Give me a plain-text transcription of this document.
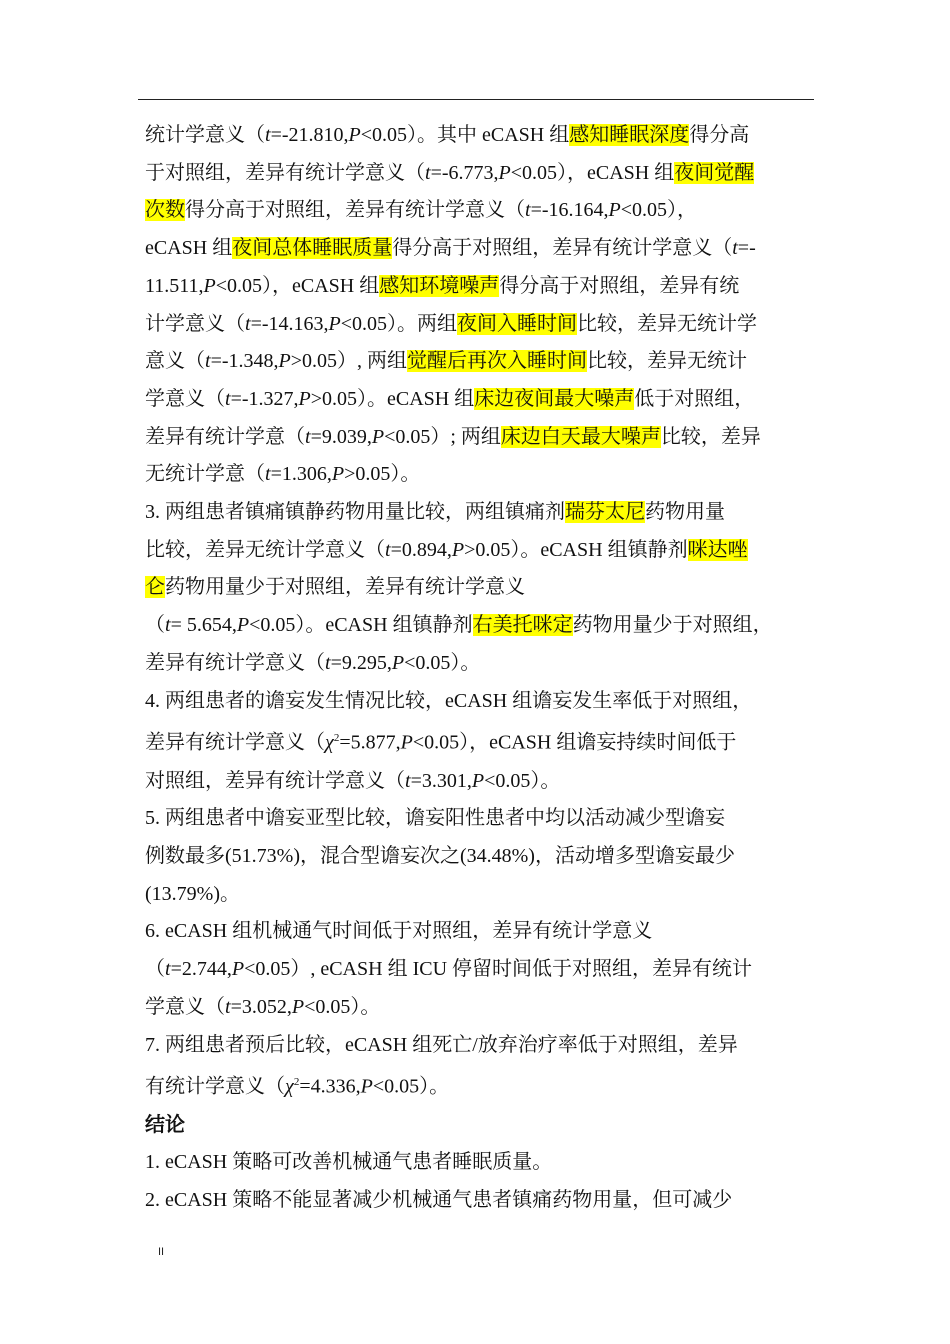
统计学意义（t=-21.810,P<0.05）。其中 eCASH 组感知睡眠深度得分高
于对照组，差异有统计学意义（t=-6.773,P<0.05），eCASH 组夜间觉醒
次数得分高于对照组，差异有统计学意义（t=-16.164,P<0.05），
eCASH 组夜间总体睡眠质量得分高于对照组，差异有统计学意义（t=-
11.511,P<0.05），eCASH 组感知环境噪声得分高于对照组，差异有统
计学意义（t=-14.163,P<0.05）。两组夜间入睡时间比较，差异无统计学
意义（t=-1.348,P>0.05）, 两组觉醒后再次入睡时间比较，差异无统计
学意义（t=-1.327,P>0.05）。eCASH 组床边夜间最大噪声低于对照组，
差异有统计学意（t=9.039,P<0.05）; 两组床边白天最大噪声比较，差异
无统计学意（t=1.306,P>0.05）。
3. 两组患者镇痛镇静药物用量比较，两组镇痛剂瑞芬太尼药物用量
比较，差异无统计学意义（t=0.894,P>0.05）。eCASH 组镇静剂咪达唑
仑药物用量少于对照组，差异有统计学意义
（t= 5.654,P<0.05）。eCASH 组镇静剂右美托咪定药物用量少于对照组，
差异有统计学意义（t=9.295,P<0.05）。
4. 两组患者的谵妄发生情况比较，eCASH 组谵妄发生率低于对照组，
差异有统计学意义$(\chi^2=5.877,P<0.05)$，eCASH 组谵妄持续时间低于
对照组，差异有统计学意义（t=3.301,P<0.05）。
5. 两组患者中谵妄亚型比较，谵妄阳性患者中均以活动减少型谵妄
例数最多(51.73%)，混合型谵妄次之(34.48%)，活动增多型谵妄最少
(13.79%)。
6. eCASH 组机械通气时间低于对照组，差异有统计学意义
（t=2.744,P<0.05）, eCASH 组 ICU 停留时间低于对照组，差异有统计
学意义（t=3.052,P<0.05）。
7. 两组患者预后比较，eCASH 组死亡/放弃治疗率低于对照组，差异
有统计学意义$(\chi^2=4.336,P<0.05)$。
结论
1. eCASH 策略可改善机械通气患者睡眠质量。
2. eCASH 策略不能显著减少机械通气患者镇痛药物用量，但可减少
II
